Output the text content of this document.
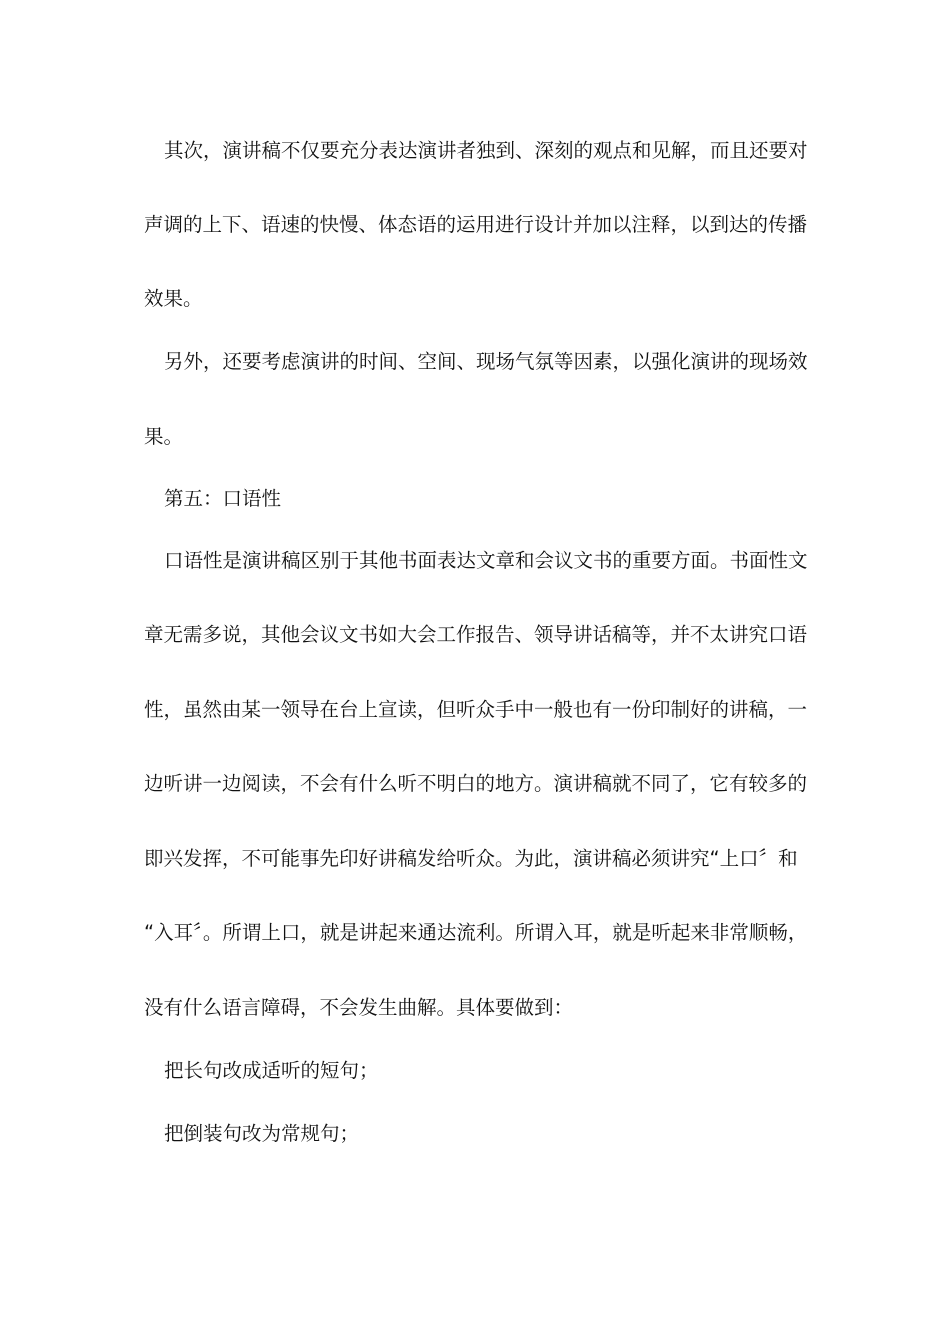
其次，演讲稿不仅要充分表达演讲者独到、深刻的观点和见解，而且还要对
声调的上下、语速的快慢、体态语的运用进行设计并加以注释，以到达的传播
效果。
另外，还要考虑演讲的时间、空间、现场气氛等因素，以强化演讲的现场效
果。
第五：口语性
口语性是演讲稿区别于其他书面表达文章和会议文书的重要方面。书面性文
章无需多说，其他会议文书如大会工作报告、领导讲话稿等，并不太讲究口语
性，虽然由某一领导在台上宣读，但听众手中一般也有一份印制好的讲稿，一
边听讲一边阅读，不会有什么听不明白的地方。演讲稿就不同了，它有较多的
即兴发挥，不可能事先印好讲稿发给听众。为此，演讲稿必须讲究“上口〞和
“入耳〞。所谓上口，就是讲起来通达流利。所谓入耳，就是听起来非常顺畅，
没有什么语言障碍，不会发生曲解。具体要做到：
把长句改成适听的短句；
把倒装句改为常规句；
